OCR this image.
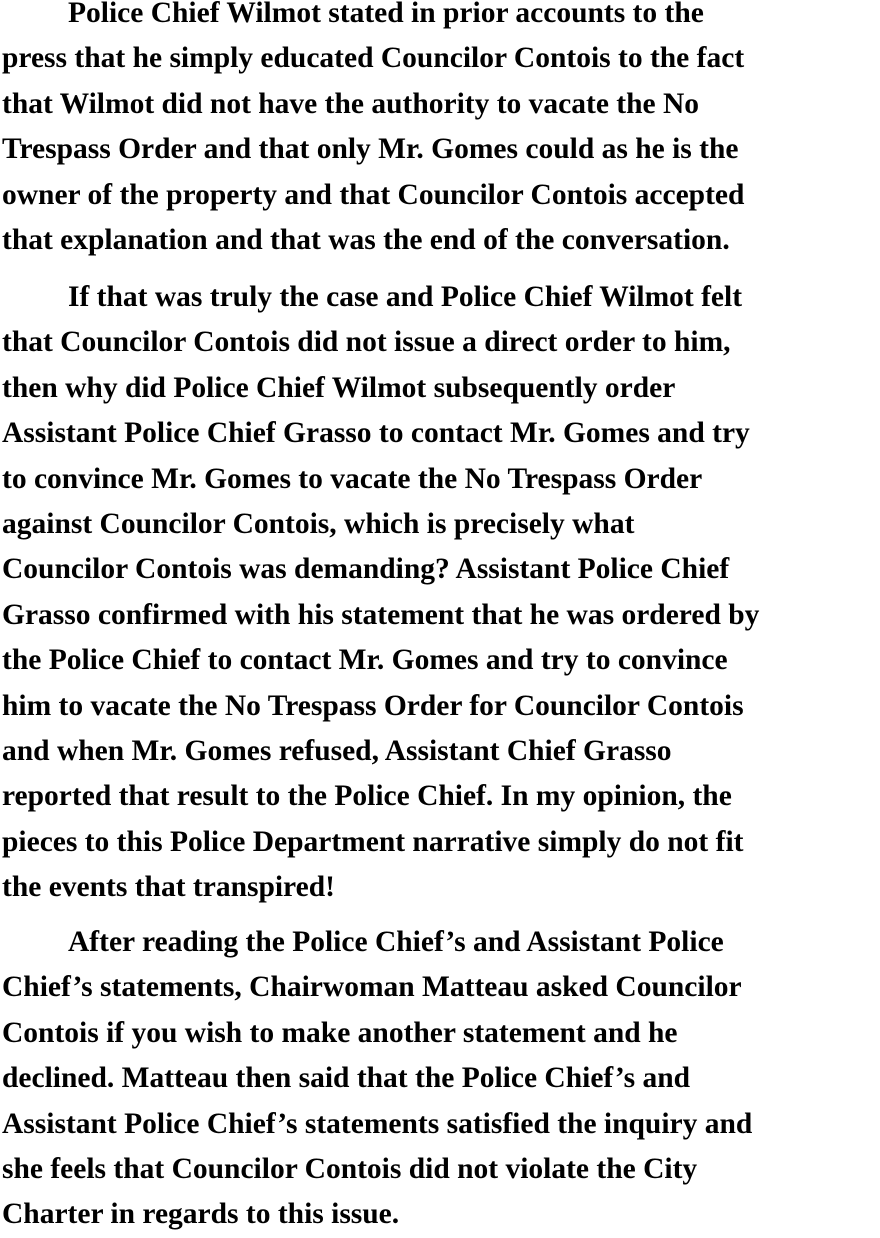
Police Chief Wilmot stated in prior accounts to the
press that he simply educated Councilor Contois to the fact
that Wilmot did not have the authority to vacate the No
Trespass Order and that only Mr. Gomes could as he is the
owner of the property and that Councilor Contois accepted
that explanation and that was the end of the conversation.
If that was truly the case and Police Chief Wilmot felt
that Councilor Contois did not issue a direct order to him,
then why did Police Chief Wilmot subsequently order
Assistant Police Chief Grasso to contact Mr. Gomes and try
to convince Mr. Gomes to vacate the No Trespass Order
against Councilor Contois, which is precisely what
Councilor Contois was demanding? Assistant Police Chief
Grasso confirmed with his statement that he was ordered by
the Police Chief to contact Mr. Gomes and try to convince
him to vacate the No Trespass Order for Councilor Contois
and when Mr. Gomes refused, Assistant Chief Grasso
reported that result to the Police Chief. In my opinion, the
pieces to this Police Department narrative simply do not fit
the events that transpired!
After reading the Police Chief’s and Assistant Police
Chief’s statements, Chairwoman Matteau asked Councilor
Contois if you wish to make another statement and he
declined. Matteau then said that the Police Chief’s and
Assistant Police Chief’s statements satisfied the inquiry and
she feels that Councilor Contois did not violate the City
Charter in regards to this issue.
